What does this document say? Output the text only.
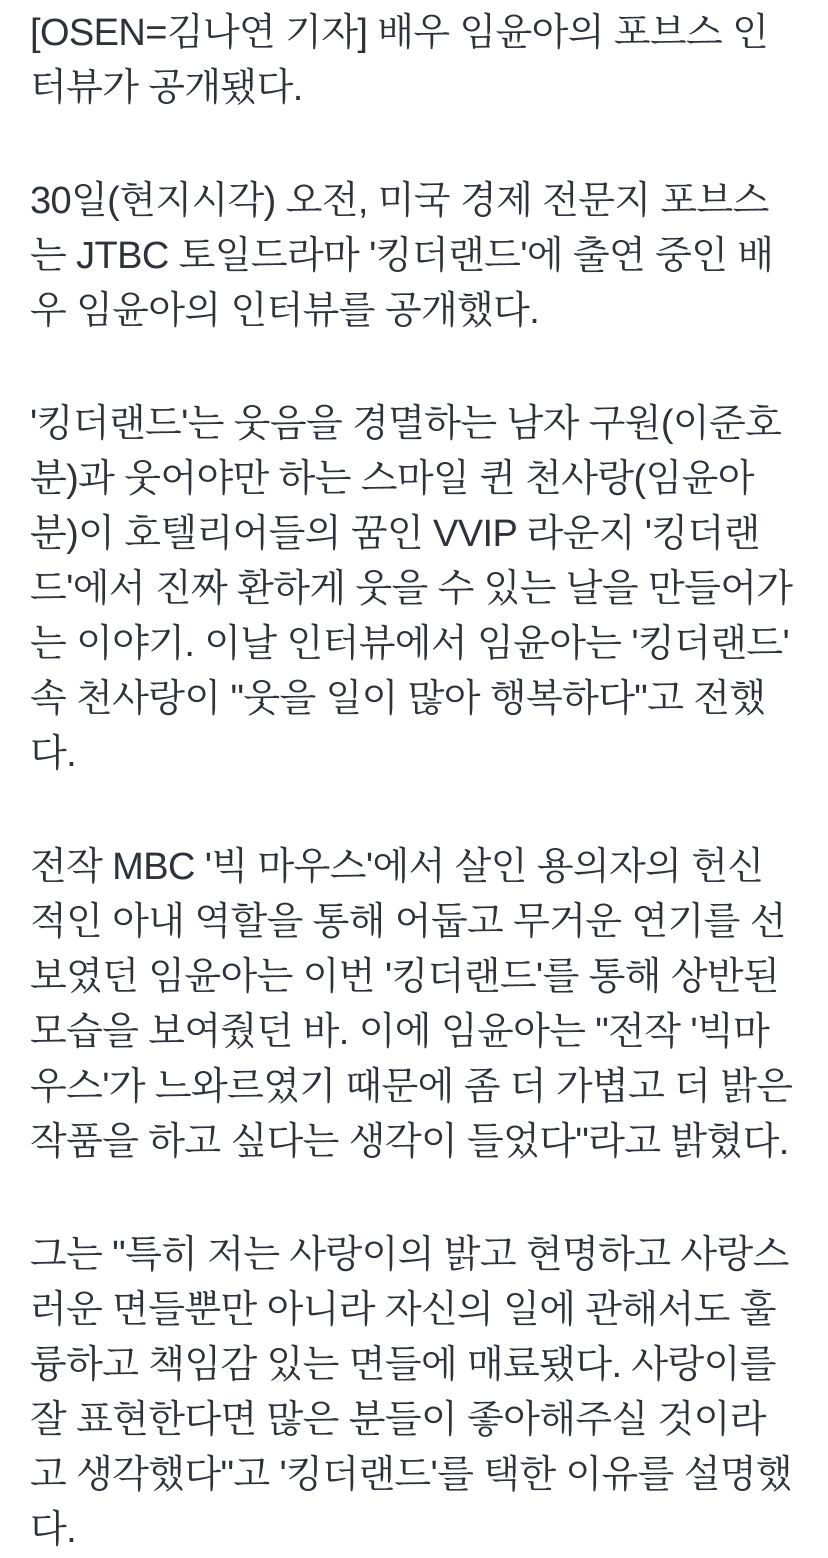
[OSEN=김나연 기자] 배우 임윤아의 포브스 인터뷰가 공개됐다.

30일(현지시각) 오전, 미국 경제 전문지 포브스는 JTBC 토일드라마 '킹더랜드'에 출연 중인 배우 임윤아의 인터뷰를 공개했다.

'킹더랜드'는 웃음을 경멸하는 남자 구원(이준호 분)과 웃어야만 하는 스마일 퀸 천사랑(임윤아 분)이 호텔리어들의 꿈인 VVIP 라운지 '킹더랜드'에서 진짜 환하게 웃을 수 있는 날을 만들어가는 이야기. 이날 인터뷰에서 임윤아는 '킹더랜드' 속 천사랑이 "웃을 일이 많아 행복하다"고 전했다.

전작 MBC '빅 마우스'에서 살인 용의자의 헌신적인 아내 역할을 통해 어둡고 무거운 연기를 선보였던 임윤아는 이번 '킹더랜드'를 통해 상반된 모습을 보여줬던 바. 이에 임윤아는 "전작 '빅마우스'가 느와르였기 때문에 좀 더 가볍고 더 밝은 작품을 하고 싶다는 생각이 들었다"라고 밝혔다.

그는 "특히 저는 사랑이의 밝고 현명하고 사랑스러운 면들뿐만 아니라 자신의 일에 관해서도 훌륭하고 책임감 있는 면들에 매료됐다. 사랑이를 잘 표현한다면 많은 분들이 좋아해주실 것이라고 생각했다"고 '킹더랜드'를 택한 이유를 설명했다.
